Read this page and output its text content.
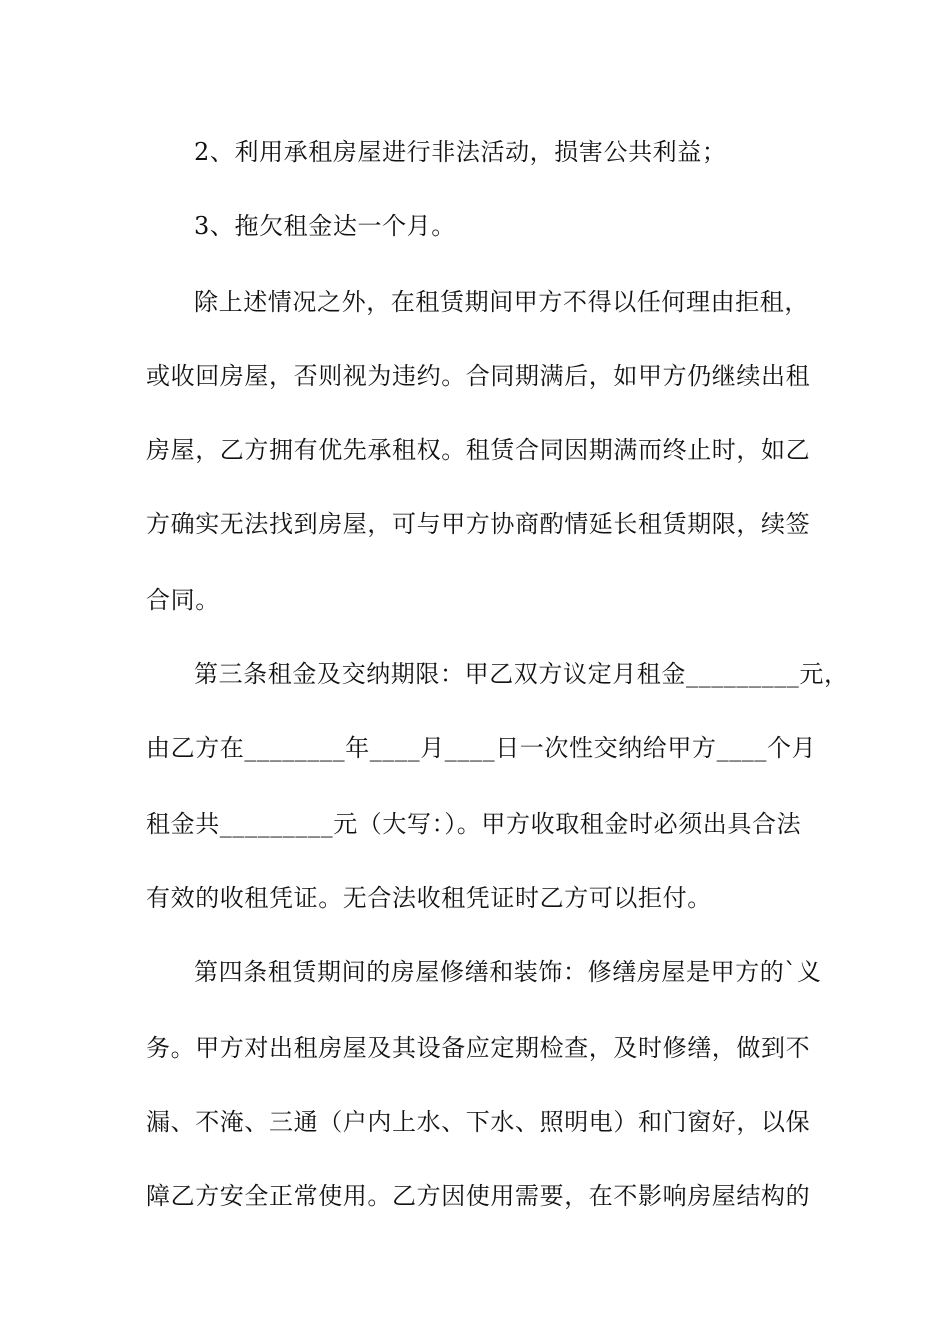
2、利用承租房屋进行非法活动，损害公共利益；
3、拖欠租金达一个月。
除上述情况之外，在租赁期间甲方不得以任何理由拒租，
或收回房屋，否则视为违约。合同期满后，如甲方仍继续出租
房屋，乙方拥有优先承租权。租赁合同因期满而终止时，如乙
方确实无法找到房屋，可与甲方协商酌情延长租赁期限，续签
合同。
第三条租金及交纳期限：甲乙双方议定月租金_________元，
由乙方在________年____月____日一次性交纳给甲方____个月
租金共_________元（大写：）。甲方收取租金时必须出具合法
有效的收租凭证。无合法收租凭证时乙方可以拒付。
第四条租赁期间的房屋修缮和装饰：修缮房屋是甲方的`义
务。甲方对出租房屋及其设备应定期检查，及时修缮，做到不
漏、不淹、三通（户内上水、下水、照明电）和门窗好，以保
障乙方安全正常使用。乙方因使用需要，在不影响房屋结构的
